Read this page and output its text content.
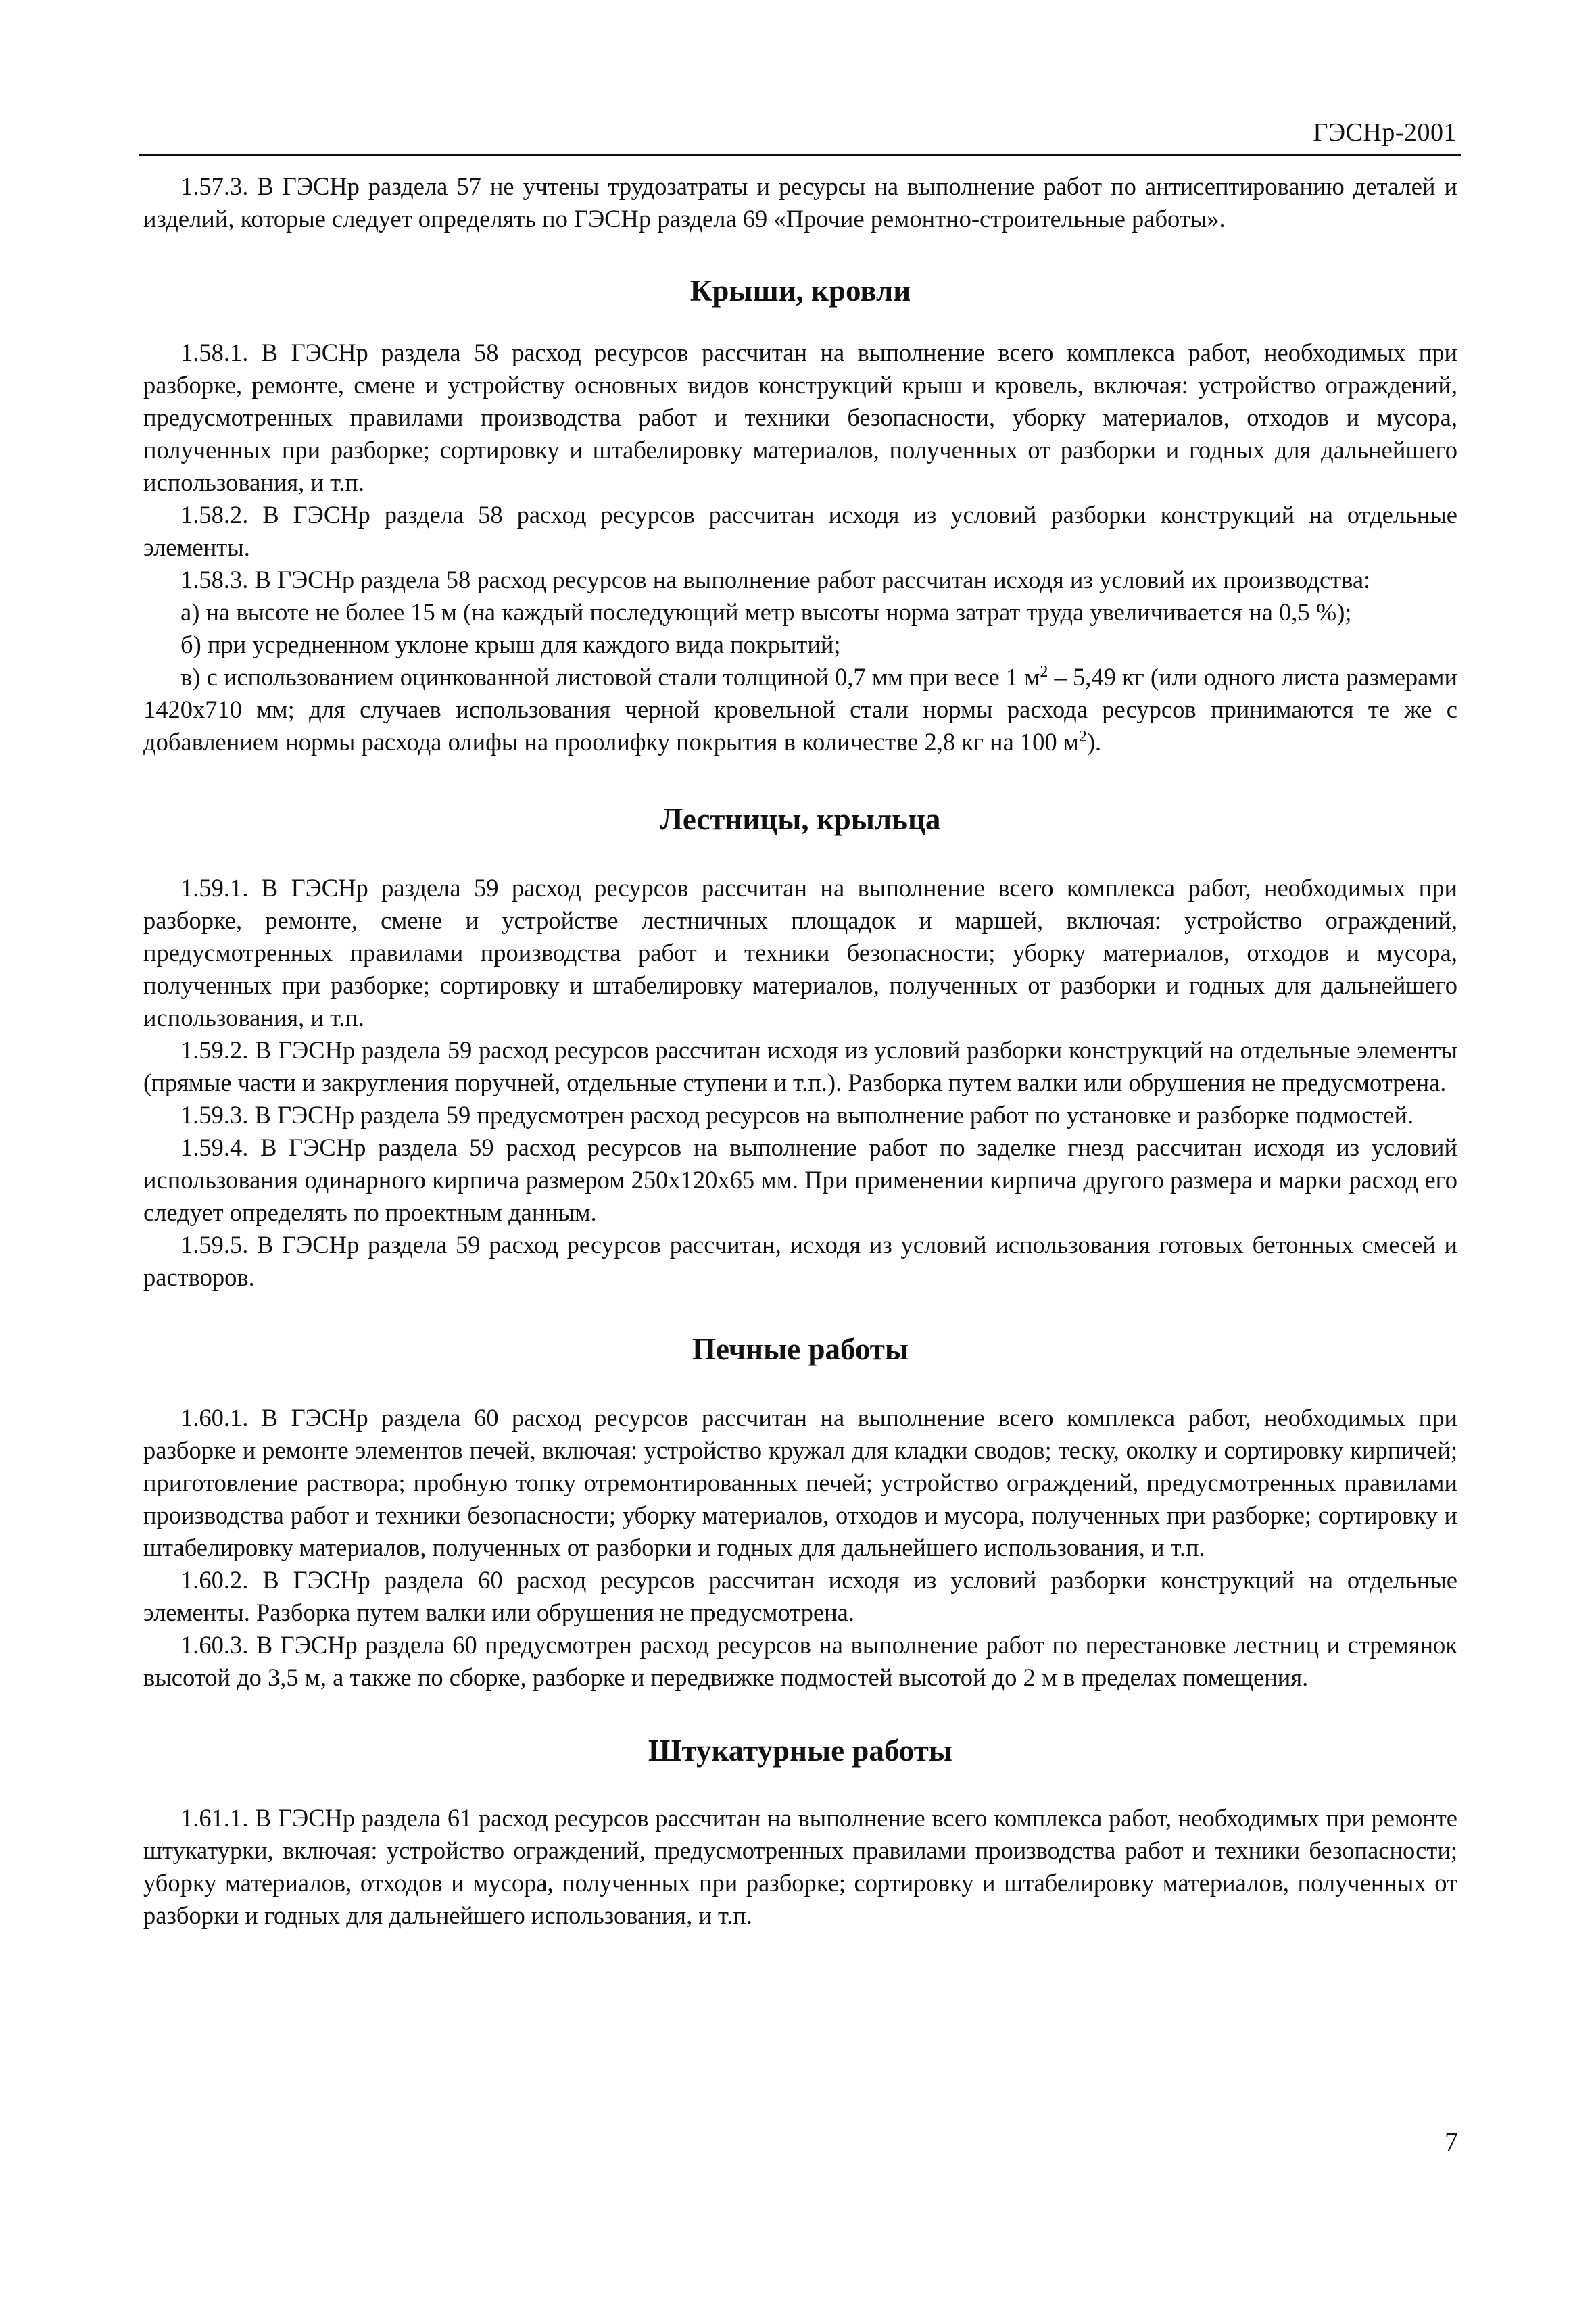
ГЭСНр-2001

1.57.3. В ГЭСНр раздела 57 не учтены трудозатраты и ресурсы на выполнение работ по антисептированию деталей и изделий, которые следует определять по ГЭСНр раздела 69 «Прочие ремонтно-строительные работы».

Крыши, кровли

1.58.1. В ГЭСНр раздела 58 расход ресурсов рассчитан на выполнение всего комплекса работ, необходимых при разборке, ремонте, смене и устройству основных видов конструкций крыш и кровель, включая: устройство ограждений, предусмотренных правилами производства работ и техники безопасности, уборку материалов, отходов и мусора, полученных при разборке; сортировку и штабелировку материалов, полученных от разборки и годных для дальнейшего использования, и т.п.

1.58.2. В ГЭСНр раздела 58 расход ресурсов рассчитан исходя из условий разборки конструкций на отдельные элементы.

1.58.3. В ГЭСНр раздела 58 расход ресурсов на выполнение работ рассчитан исходя из условий их производства:

а) на высоте не более 15 м (на каждый последующий метр высоты норма затрат труда увеличивается на 0,5 %);

б) при усредненном уклоне крыш для каждого вида покрытий;

в) с использованием оцинкованной листовой стали толщиной 0,7 мм при весе 1 $м^2 - 5,49$ кг (или одного листа размерами 1420х710 мм; для случаев использования черной кровельной стали нормы расхода ресурсов принимаются те же с добавлением нормы расхода олифы на проолифку покрытия в количестве 2,8 кг на 100 $м^2$).

Лестницы, крыльца

1.59.1. В ГЭСНр раздела 59 расход ресурсов рассчитан на выполнение всего комплекса работ, необходимых при разборке, ремонте, смене и устройстве лестничных площадок и маршей, включая: устройство ограждений, предусмотренных правилами производства работ и техники безопасности; уборку материалов, отходов и мусора, полученных при разборке; сортировку и штабелировку материалов, полученных от разборки и годных для дальнейшего использования, и т.п.

1.59.2. В ГЭСНр раздела 59 расход ресурсов рассчитан исходя из условий разборки конструкций на отдельные элементы (прямые части и закругления поручней, отдельные ступени и т.п.). Разборка путем валки или обрушения не предусмотрена.

1.59.3. В ГЭСНр раздела 59 предусмотрен расход ресурсов на выполнение работ по установке и разборке подмостей.

1.59.4. В ГЭСНр раздела 59 расход ресурсов на выполнение работ по заделке гнезд рассчитан исходя из условий использования одинарного кирпича размером 250х120х65 мм. При применении кирпича другого размера и марки расход его следует определять по проектным данным.

1.59.5. В ГЭСНр раздела 59 расход ресурсов рассчитан, исходя из условий использования готовых бетонных смесей и растворов.

Печные работы

1.60.1. В ГЭСНр раздела 60 расход ресурсов рассчитан на выполнение всего комплекса работ, необходимых при разборке и ремонте элементов печей, включая: устройство кружал для кладки сводов; теску, околку и сортировку кирпичей; приготовление раствора; пробную топку отремонтированных печей; устройство ограждений, предусмотренных правилами производства работ и техники безопасности; уборку материалов, отходов и мусора, полученных при разборке; сортировку и штабелировку материалов, полученных от разборки и годных для дальнейшего использования, и т.п.

1.60.2. В ГЭСНр раздела 60 расход ресурсов рассчитан исходя из условий разборки конструкций на отдельные элементы. Разборка путем валки или обрушения не предусмотрена.

1.60.3. В ГЭСНр раздела 60 предусмотрен расход ресурсов на выполнение работ по перестановке лестниц и стремянок высотой до 3,5 м, а также по сборке, разборке и передвижке подмостей высотой до 2 м в пределах помещения.

Штукатурные работы

1.61.1. В ГЭСНр раздела 61 расход ресурсов рассчитан на выполнение всего комплекса работ, необходимых при ремонте штукатурки, включая: устройство ограждений, предусмотренных правилами производства работ и техники безопасности; уборку материалов, отходов и мусора, полученных при разборке; сортировку и штабелировку материалов, полученных от разборки и годных для дальнейшего использования, и т.п.

7
